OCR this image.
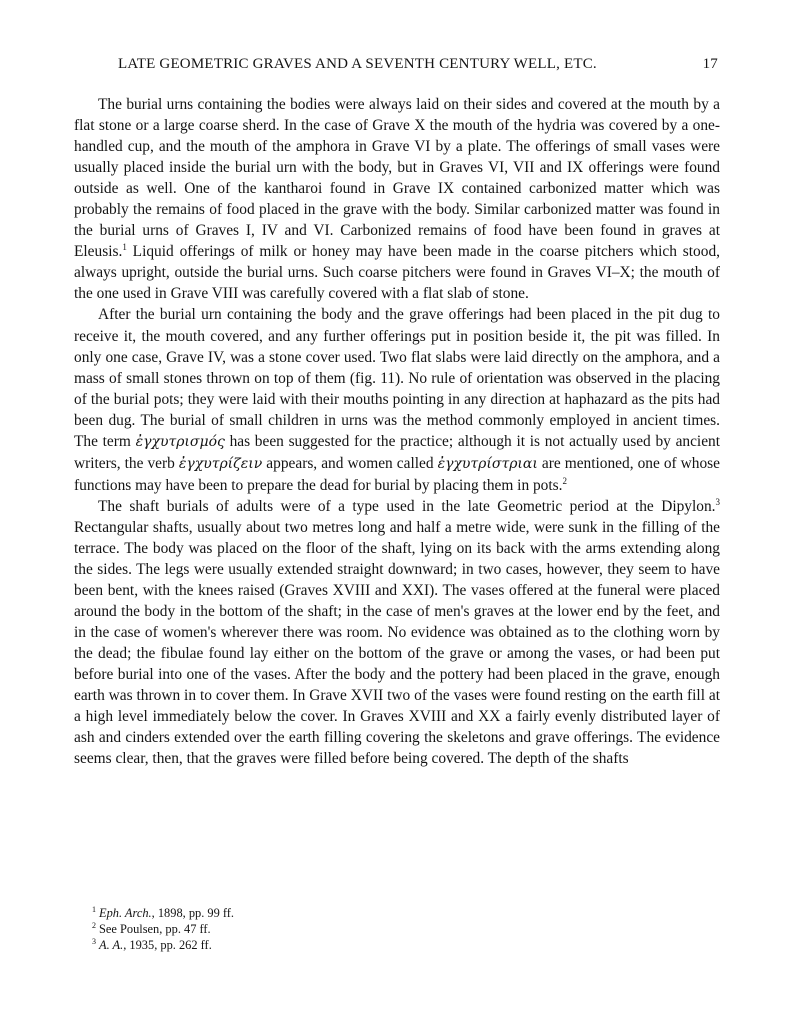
LATE GEOMETRIC GRAVES AND A SEVENTH CENTURY WELL, ETC.	17

The burial urns containing the bodies were always laid on their sides and covered at the mouth by a flat stone or a large coarse sherd. In the case of Grave X the mouth of the hydria was covered by a one-handled cup, and the mouth of the amphora in Grave VI by a plate. The offerings of small vases were usually placed inside the burial urn with the body, but in Graves VI, VII and IX offerings were found outside as well. One of the kantharoi found in Grave IX contained carbonized matter which was probably the remains of food placed in the grave with the body. Similar carbonized matter was found in the burial urns of Graves I, IV and VI. Carbonized remains of food have been found in graves at Eleusis.$^1$ Liquid offerings of milk or honey may have been made in the coarse pitchers which stood, always upright, outside the burial urns. Such coarse pitchers were found in Graves VI–X; the mouth of the one used in Grave VIII was carefully covered with a flat slab of stone.

After the burial urn containing the body and the grave offerings had been placed in the pit dug to receive it, the mouth covered, and any further offerings put in position beside it, the pit was filled. In only one case, Grave IV, was a stone cover used. Two flat slabs were laid directly on the amphora, and a mass of small stones thrown on top of them (fig. 11). No rule of orientation was observed in the placing of the burial pots; they were laid with their mouths pointing in any direction at haphazard as the pits had been dug. The burial of small children in urns was the method commonly employed in ancient times. The term ἐγχυτρισμός has been suggested for the practice; although it is not actually used by ancient writers, the verb ἐγχυτρίζειν appears, and women called ἐγχυτρίστριαι are mentioned, one of whose functions may have been to prepare the dead for burial by placing them in pots.$^2$

The shaft burials of adults were of a type used in the late Geometric period at the Dipylon.$^3$ Rectangular shafts, usually about two metres long and half a metre wide, were sunk in the filling of the terrace. The body was placed on the floor of the shaft, lying on its back with the arms extending along the sides. The legs were usually extended straight downward; in two cases, however, they seem to have been bent, with the knees raised (Graves XVIII and XXI). The vases offered at the funeral were placed around the body in the bottom of the shaft; in the case of men's graves at the lower end by the feet, and in the case of women's wherever there was room. No evidence was obtained as to the clothing worn by the dead; the fibulae found lay either on the bottom of the grave or among the vases, or had been put before burial into one of the vases. After the body and the pottery had been placed in the grave, enough earth was thrown in to cover them. In Grave XVII two of the vases were found resting on the earth fill at a high level immediately below the cover. In Graves XVIII and XX a fairly evenly distributed layer of ash and cinders extended over the earth filling covering the skeletons and grave offerings. The evidence seems clear, then, that the graves were filled before being covered. The depth of the shafts

$^1$ Eph. Arch., 1898, pp. 99 ff.
$^2$ See Poulsen, pp. 47 ff.
$^3$ A. A., 1935, pp. 262 ff.
